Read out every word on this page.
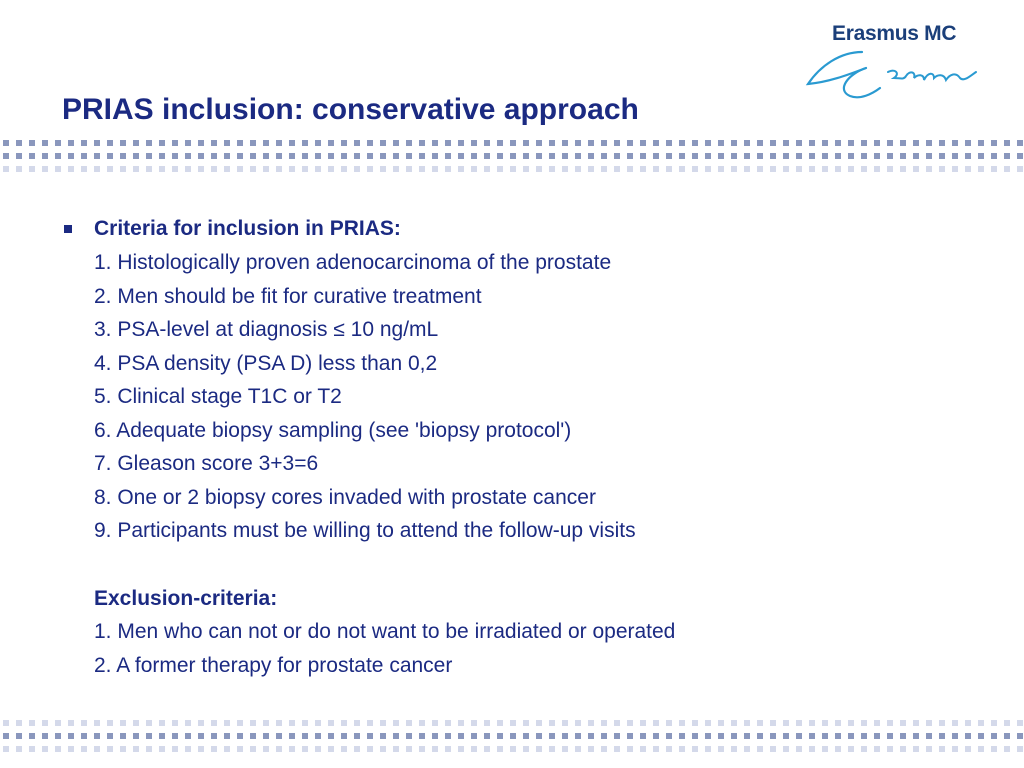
Erasmus MC
PRIAS inclusion: conservative approach
Criteria for inclusion in PRIAS:
1. Histologically proven adenocarcinoma of the prostate
2. Men should be fit for curative treatment
3. PSA-level at diagnosis ≤ 10 ng/mL
4. PSA density (PSA D) less than 0,2
5. Clinical stage T1C or T2
6. Adequate biopsy sampling (see 'biopsy protocol')
7. Gleason score 3+3=6
8. One or 2 biopsy cores invaded with prostate cancer
9. Participants must be willing to attend the follow-up visits
Exclusion-criteria:
1. Men who can not or do not want to be irradiated or operated
2. A former therapy for prostate cancer
